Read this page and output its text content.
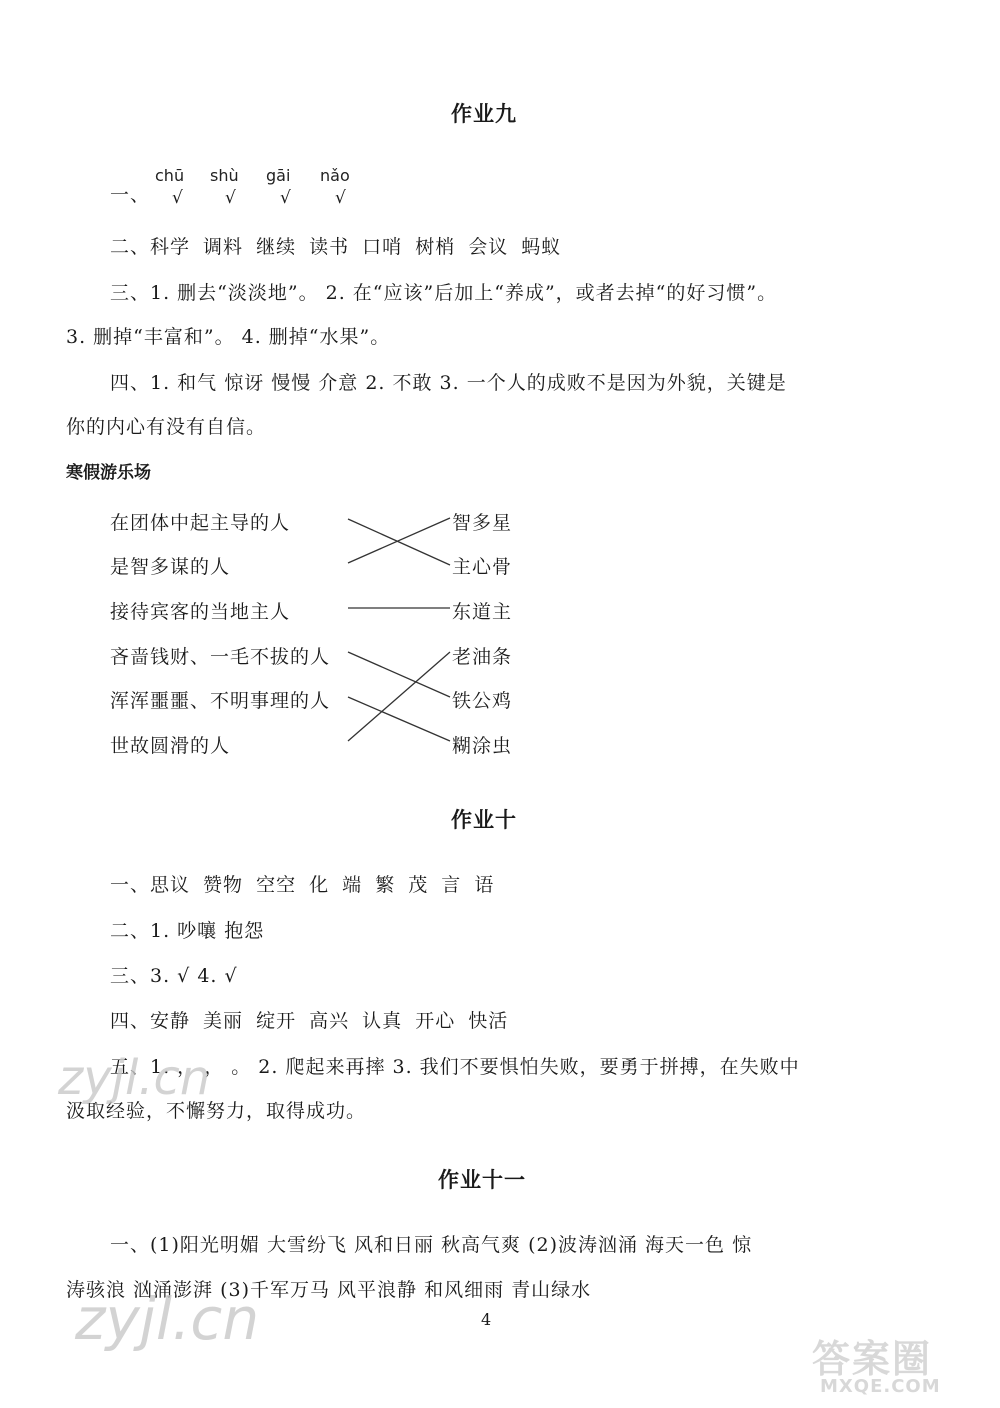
作业九
一、
chū shù gāi nǎo
√ √	√	√
二、科学 调料 继续 读书 口哨 树梢 会议 蚂蚁
三、1. 删去“淡淡地”。 2. 在“应该”后加上“养成”，或者去掉“的好习惯”。
3. 删掉“丰富和”。 4. 删掉“水果”。
四、1. 和气 惊讶 慢慢 介意 2. 不敢 3. 一个人的成败不是因为外貌，关键是
你的内心有没有自信。
寒假游乐场
在团体中起主导的人
是智多谋的人
接待宾客的当地主人
吝啬钱财、一毛不拔的人
浑浑噩噩、不明事理的人
世故圆滑的人
智多星
主心骨
东道主
老油条
铁公鸡
糊涂虫
作业十
一、思议 赞物 空空 化 端 繁 茂 言 语
二、1. 吵嚷 抱怨
三、3. √ 4. √
四、安静 美丽 绽开 高兴 认真 开心 快活
五、1. ， ， 。 2. 爬起来再摔 3. 我们不要惧怕失败，要勇于拼搏，在失败中
汲取经验，不懈努力，取得成功。
作业十一
一、(1)阳光明媚 大雪纷飞 风和日丽 秋高气爽 (2)波涛汹涌 海天一色 惊
涛骇浪 汹涌澎湃 (3)千军万马 风平浪静 和风细雨 青山绿水
4
zyjl.cn
zyjl.cn
答案圈
MXQE.COM
